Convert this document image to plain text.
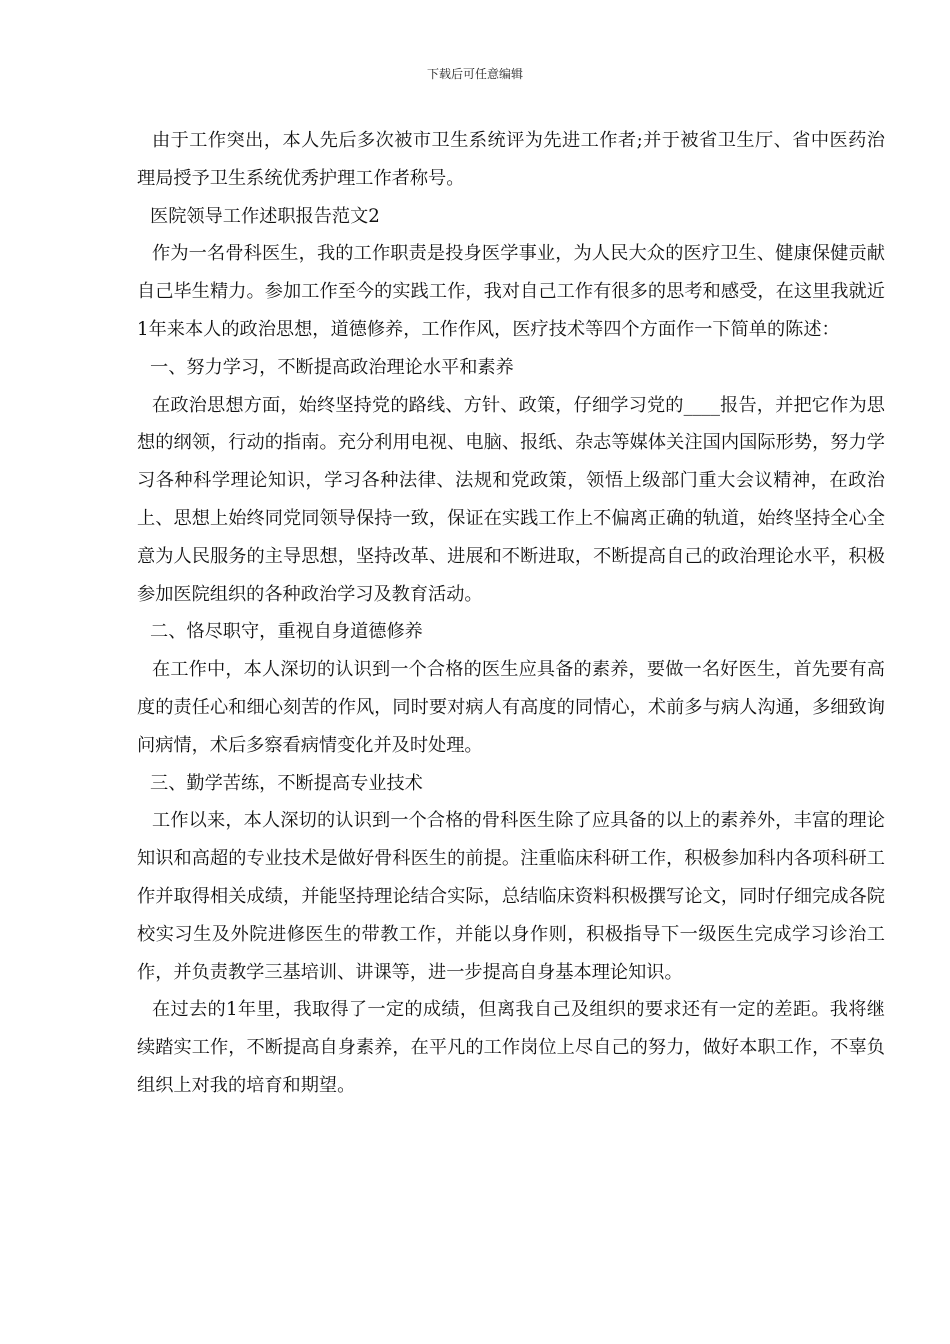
下载后可任意编辑

由于工作突出，本人先后多次被市卫生系统评为先进工作者;并于被省卫生厅、省中医药治理局授予卫生系统优秀护理工作者称号。

医院领导工作述职报告范文2

作为一名骨科医生，我的工作职责是投身医学事业，为人民大众的医疗卫生、健康保健贡献自己毕生精力。参加工作至今的实践工作，我对自己工作有很多的思考和感受，在这里我就近1年来本人的政治思想，道德修养，工作作风，医疗技术等四个方面作一下简单的陈述：

一、努力学习，不断提高政治理论水平和素养

在政治思想方面，始终坚持党的路线、方针、政策，仔细学习党的____报告，并把它作为思想的纲领，行动的指南。充分利用电视、电脑、报纸、杂志等媒体关注国内国际形势，努力学习各种科学理论知识，学习各种法律、法规和党政策，领悟上级部门重大会议精神，在政治上、思想上始终同党同领导保持一致，保证在实践工作上不偏离正确的轨道，始终坚持全心全意为人民服务的主导思想，坚持改革、进展和不断进取，不断提高自己的政治理论水平，积极参加医院组织的各种政治学习及教育活动。

二、恪尽职守，重视自身道德修养

在工作中，本人深切的认识到一个合格的医生应具备的素养，要做一名好医生，首先要有高度的责任心和细心刻苦的作风，同时要对病人有高度的同情心，术前多与病人沟通，多细致询问病情，术后多察看病情变化并及时处理。

三、勤学苦练，不断提高专业技术

工作以来，本人深切的认识到一个合格的骨科医生除了应具备的以上的素养外，丰富的理论知识和高超的专业技术是做好骨科医生的前提。注重临床科研工作，积极参加科内各项科研工作并取得相关成绩，并能坚持理论结合实际，总结临床资料积极撰写论文，同时仔细完成各院校实习生及外院进修医生的带教工作，并能以身作则，积极指导下一级医生完成学习诊治工作，并负责教学三基培训、讲课等，进一步提高自身基本理论知识。

在过去的1年里，我取得了一定的成绩，但离我自己及组织的要求还有一定的差距。我将继续踏实工作，不断提高自身素养，在平凡的工作岗位上尽自己的努力，做好本职工作，不辜负组织上对我的培育和期望。
